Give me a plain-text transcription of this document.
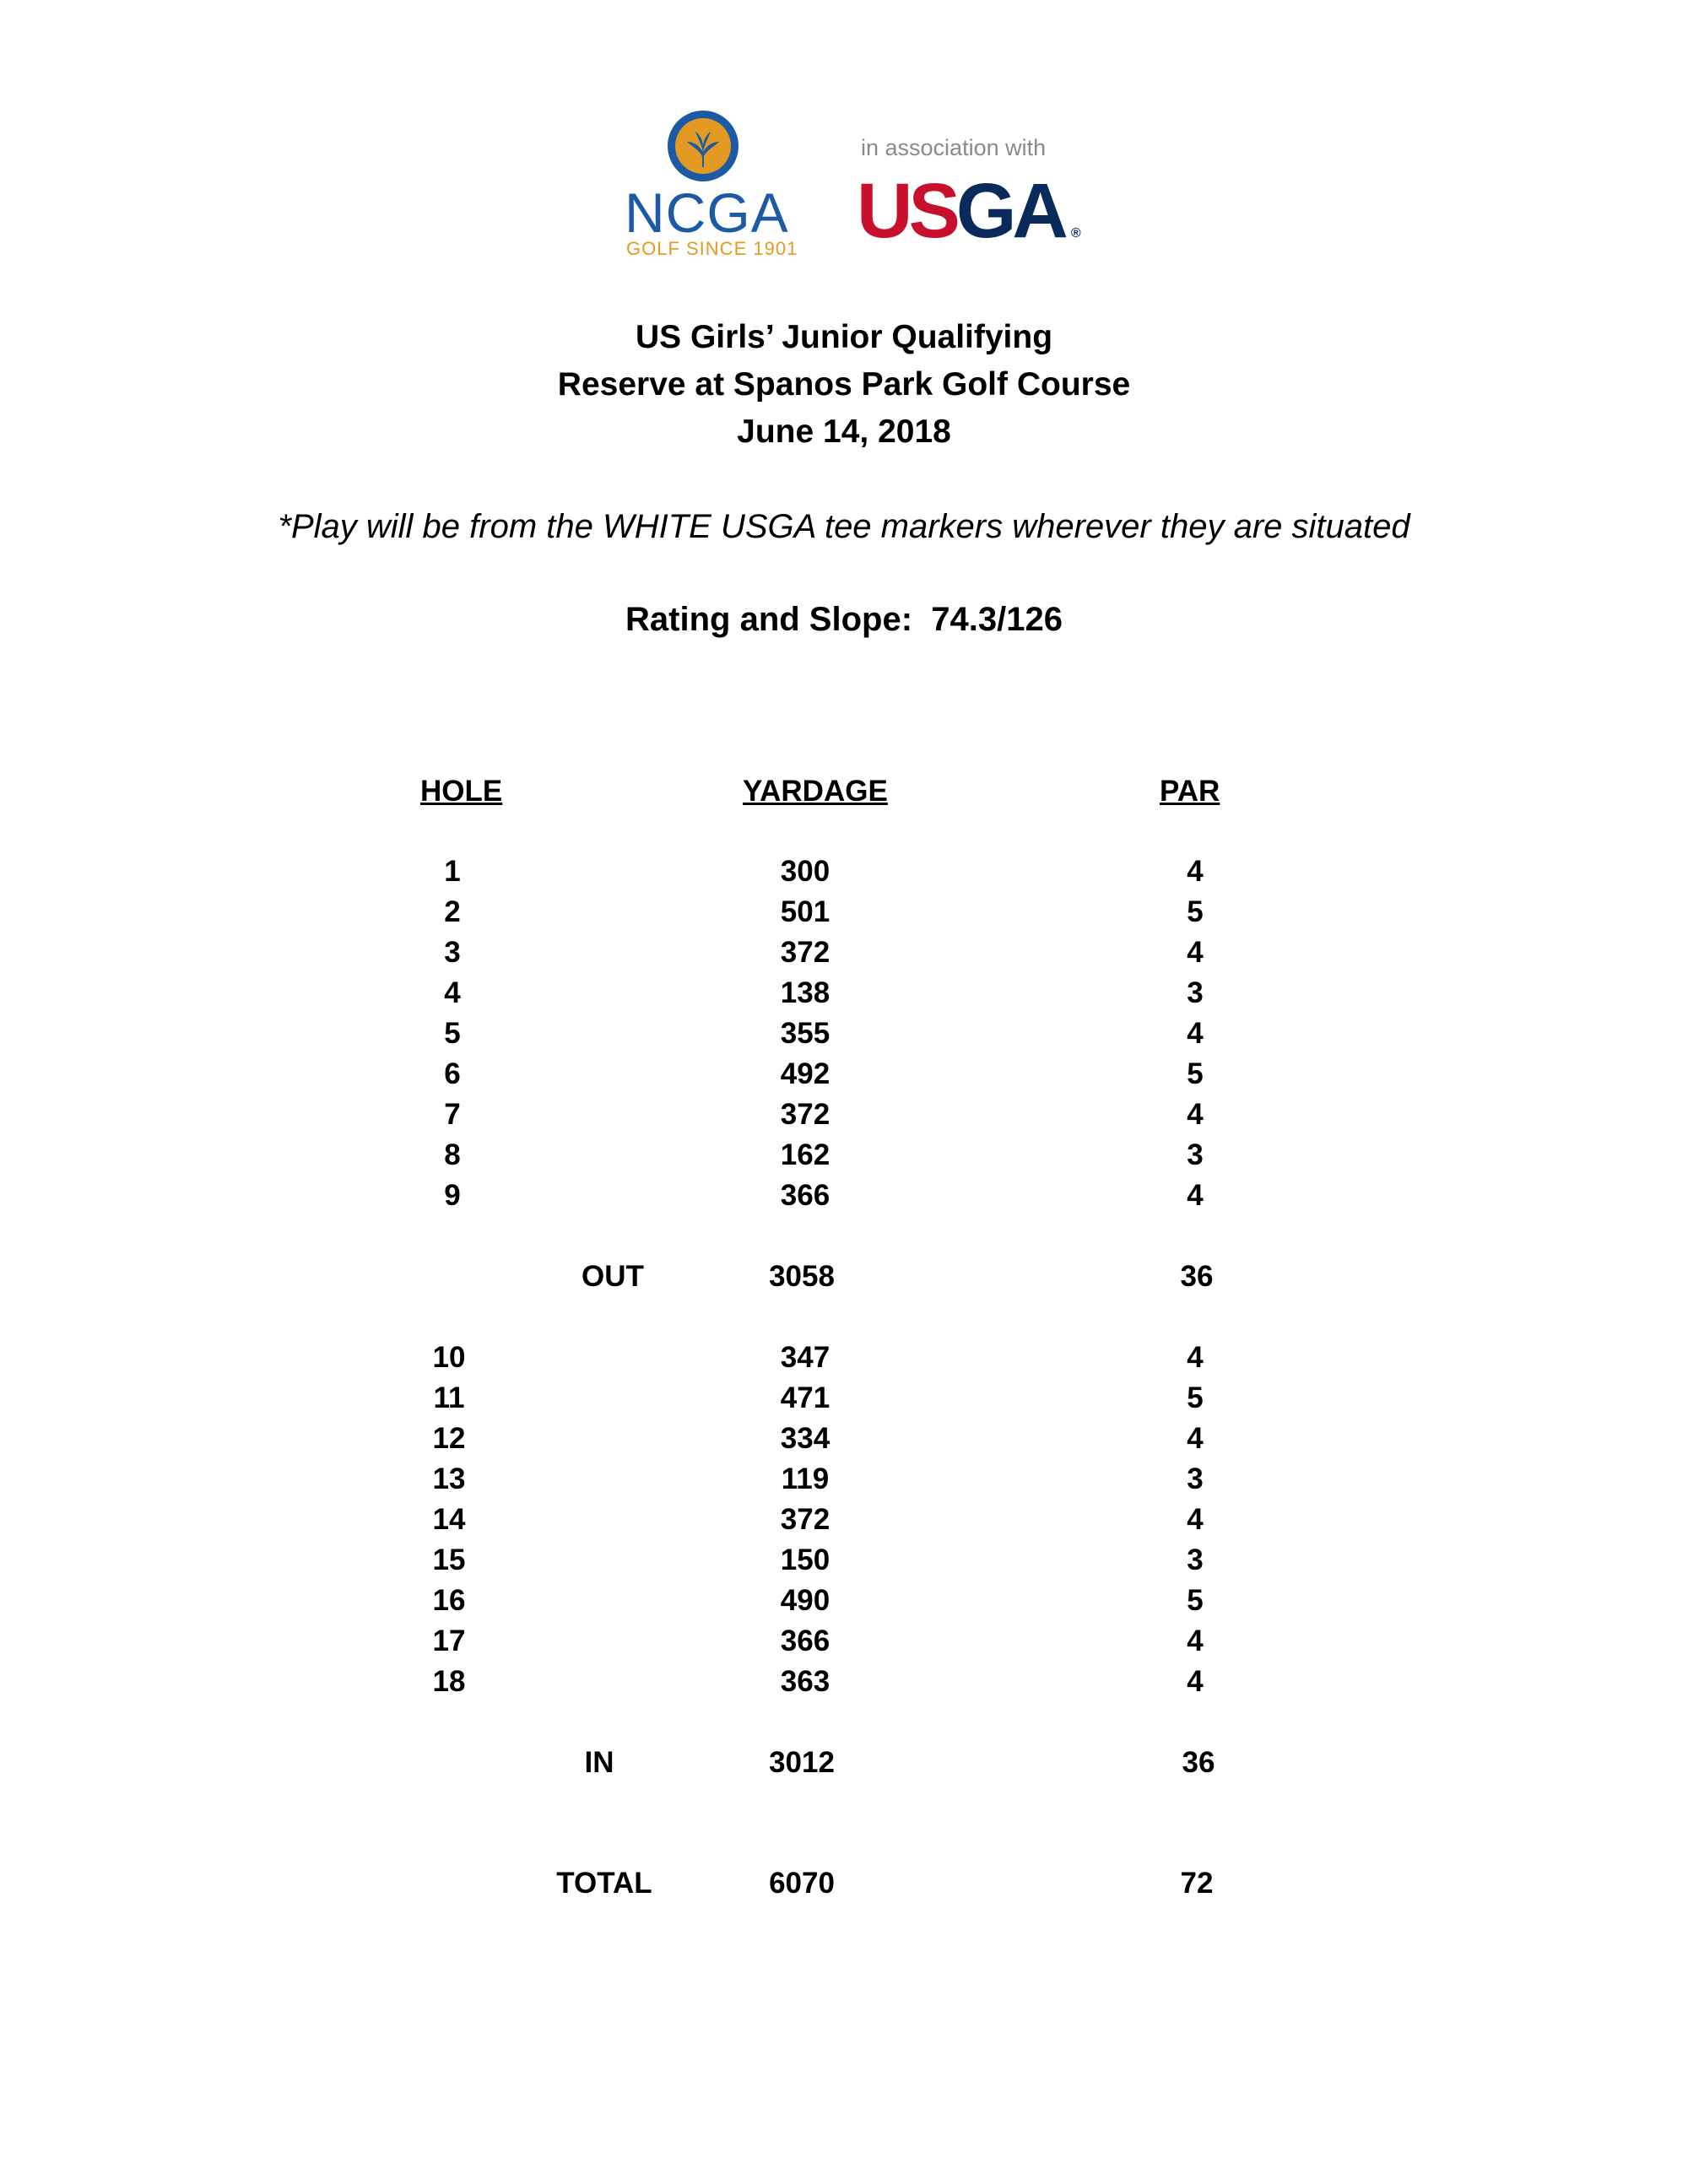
NCGA
GOLF SINCE 1901
in association with
USGA ®
US Girls’ Junior Qualifying
Reserve at Spanos Park Golf Course
June 14, 2018
*Play will be from the WHITE USGA tee markers wherever they are situated
Rating and Slope: 74.3/126
HOLE	YARDAGE	PAR
1	300	4
2	501	5
3	372	4
4	138	3
5	355	4
6	492	5
7	372	4
8	162	3
9	366	4
OUT	3058	36
10	347	4
11	471	5
12	334	4
13	119	3
14	372	4
15	150	3
16	490	5
17	366	4
18	363	4
IN	3012	36
TOTAL	6070	72
